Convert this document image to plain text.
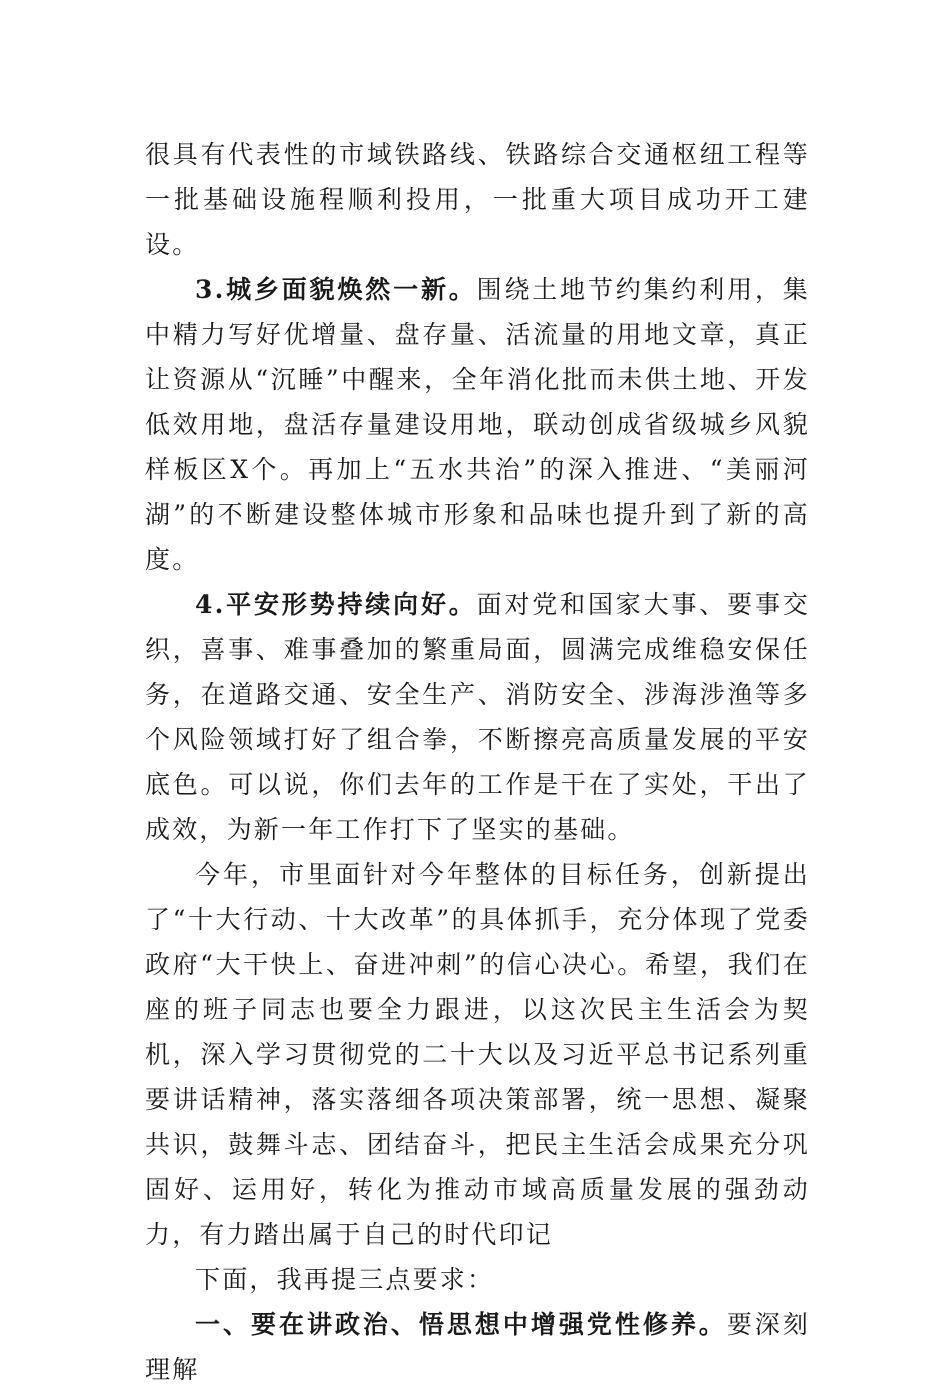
很具有代表性的市域铁路线、铁路综合交通枢纽工程等一批基础设施程顺利投用，一批重大项目成功开工建设。

3.城乡面貌焕然一新。围绕土地节约集约利用，集中精力写好优增量、盘存量、活流量的用地文章，真正让资源从“沉睡”中醒来，全年消化批而未供土地、开发低效用地，盘活存量建设用地，联动创成省级城乡风貌样板区X个。再加上“五水共治”的深入推进、“美丽河湖”的不断建设整体城市形象和品味也提升到了新的高度。

4.平安形势持续向好。面对党和国家大事、要事交织，喜事、难事叠加的繁重局面，圆满完成维稳安保任务，在道路交通、安全生产、消防安全、涉海涉渔等多个风险领域打好了组合拳，不断擦亮高质量发展的平安底色。可以说，你们去年的工作是干在了实处，干出了成效，为新一年工作打下了坚实的基础。

今年，市里面针对今年整体的目标任务，创新提出了“十大行动、十大改革”的具体抓手，充分体现了党委政府“大干快上、奋进冲刺”的信心决心。希望，我们在座的班子同志也要全力跟进，以这次民主生活会为契机，深入学习贯彻党的二十大以及习近平总书记系列重要讲话精神，落实落细各项决策部署，统一思想、凝聚共识，鼓舞斗志、团结奋斗，把民主生活会成果充分巩固好、运用好，转化为推动市域高质量发展的强劲动力，有力踏出属于自己的时代印记

下面，我再提三点要求：

一、要在讲政治、悟思想中增强党性修养。要深刻理解
